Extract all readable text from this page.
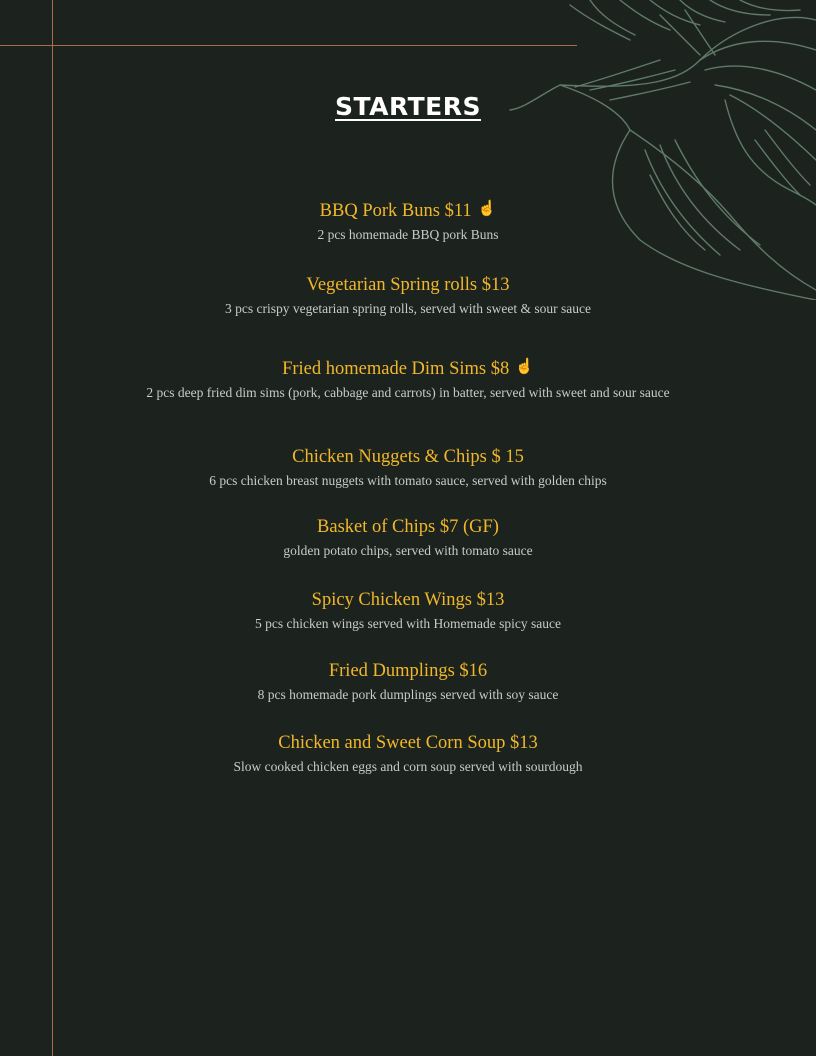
STARTERS
BBQ Pork Buns $11 ☝
2 pcs homemade BBQ pork Buns
Vegetarian Spring rolls $13
3 pcs crispy vegetarian spring rolls, served with sweet & sour sauce
Fried homemade Dim Sims $8 ☝
2 pcs deep fried dim sims (pork, cabbage and carrots) in batter, served with sweet and sour sauce
Chicken Nuggets & Chips $ 15
6 pcs chicken breast nuggets with tomato sauce, served with golden chips
Basket of Chips $7 (GF)
golden potato chips, served with tomato sauce
Spicy Chicken Wings $13
5 pcs chicken wings served with Homemade spicy sauce
Fried Dumplings $16
8 pcs homemade pork dumplings served with soy sauce
Chicken and Sweet Corn Soup $13
Slow cooked chicken eggs and corn soup served with sourdough
